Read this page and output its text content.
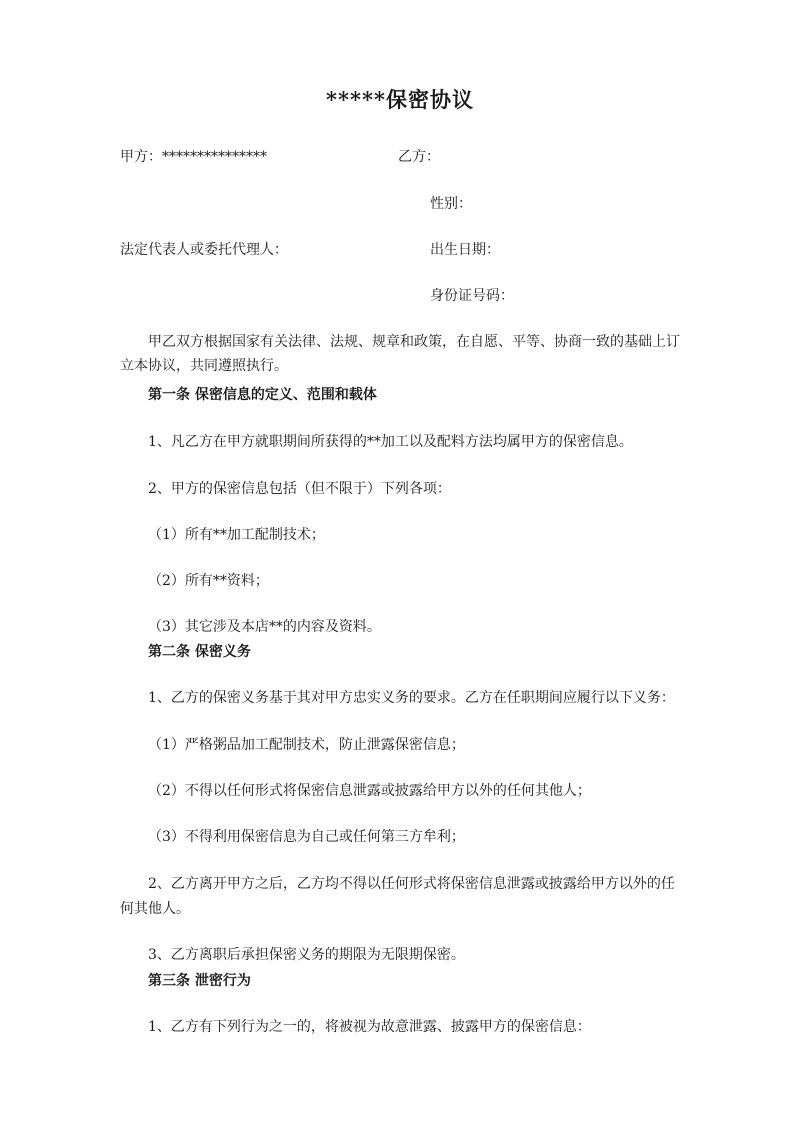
*****保密协议
甲方：***************	乙方：
性别：
法定代表人或委托代理人：	出生日期：
身份证号码：
甲乙双方根据国家有关法律、法规、规章和政策，在自愿、平等、协商一致的基础上订
立本协议，共同遵照执行。
第一条 保密信息的定义、范围和载体
1、凡乙方在甲方就职期间所获得的**加工以及配料方法均属甲方的保密信息。
2、甲方的保密信息包括（但不限于）下列各项：
（1）所有**加工配制技术；
（2）所有**资料；
（3）其它涉及本店**的内容及资料。
第二条 保密义务
1、乙方的保密义务基于其对甲方忠实义务的要求。乙方在任职期间应履行以下义务：
（1）严格粥品加工配制技术，防止泄露保密信息；
（2）不得以任何形式将保密信息泄露或披露给甲方以外的任何其他人；
（3）不得利用保密信息为自己或任何第三方牟利；
2、乙方离开甲方之后，乙方均不得以任何形式将保密信息泄露或披露给甲方以外的任
何其他人。
3、乙方离职后承担保密义务的期限为无限期保密。
第三条 泄密行为
1、乙方有下列行为之一的，将被视为故意泄露、披露甲方的保密信息：
